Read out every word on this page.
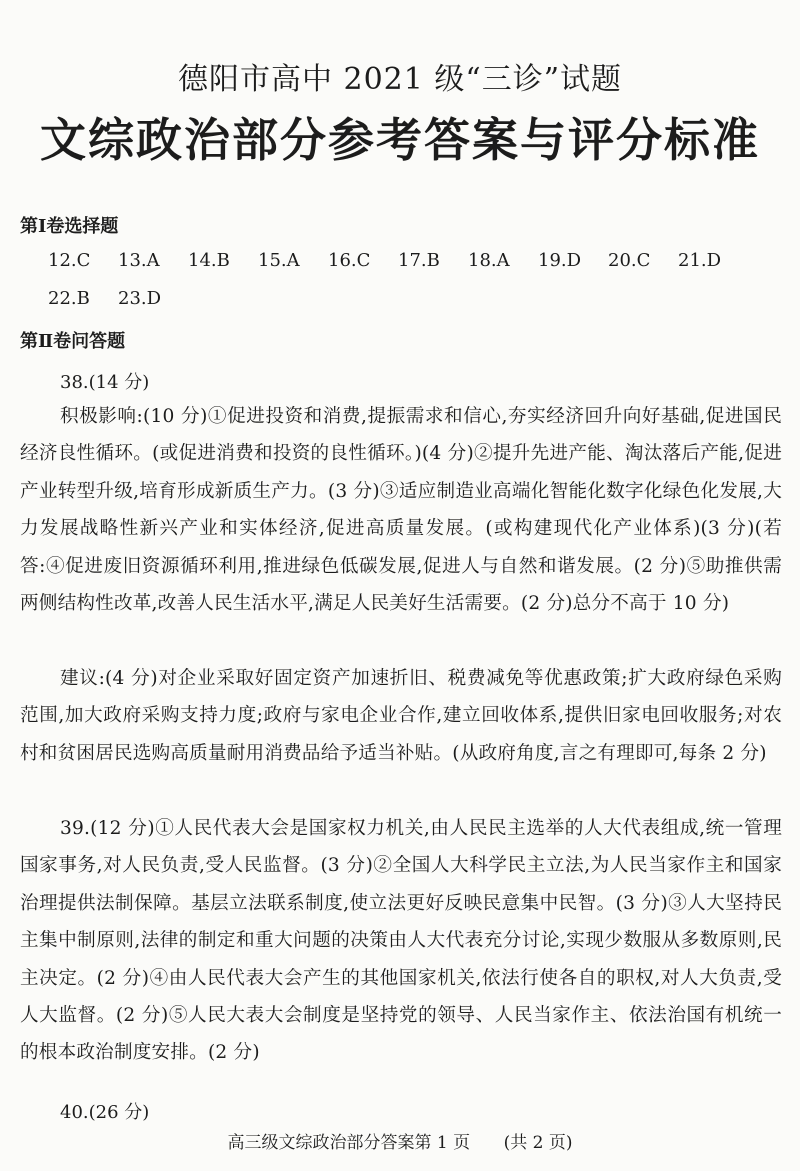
德阳市高中 2021 级“三诊”试题
文综政治部分参考答案与评分标准
第Ⅰ卷选择题
12.C	13.A	14.B	15.A	16.C	17.B	18.A	19.D	20.C	21.D
22.B	23.D
第Ⅱ卷问答题
38.(14 分)
积极影响:(10 分)①促进投资和消费,提振需求和信心,夯实经济回升向好基础,促进国民经济良性循环。(或促进消费和投资的良性循环。)(4 分)②提升先进产能、淘汰落后产能,促进产业转型升级,培育形成新质生产力。(3 分)③适应制造业高端化智能化数字化绿色化发展,大力发展战略性新兴产业和实体经济,促进高质量发展。(或构建现代化产业体系)(3 分)(若答:④促进废旧资源循环利用,推进绿色低碳发展,促进人与自然和谐发展。(2 分)⑤助推供需两侧结构性改革,改善人民生活水平,满足人民美好生活需要。(2 分)总分不高于 10 分)
建议:(4 分)对企业采取好固定资产加速折旧、税费减免等优惠政策;扩大政府绿色采购范围,加大政府采购支持力度;政府与家电企业合作,建立回收体系,提供旧家电回收服务;对农村和贫困居民选购高质量耐用消费品给予适当补贴。(从政府角度,言之有理即可,每条 2 分)
39.(12 分)①人民代表大会是国家权力机关,由人民民主选举的人大代表组成,统一管理国家事务,对人民负责,受人民监督。(3 分)②全国人大科学民主立法,为人民当家作主和国家治理提供法制保障。基层立法联系制度,使立法更好反映民意集中民智。(3 分)③人大坚持民主集中制原则,法律的制定和重大问题的决策由人大代表充分讨论,实现少数服从多数原则,民主决定。(2 分)④由人民代表大会产生的其他国家机关,依法行使各自的职权,对人大负责,受人大监督。(2 分)⑤人民大表大会制度是坚持党的领导、人民当家作主、依法治国有机统一的根本政治制度安排。(2 分)
40.(26 分)
高三级文综政治部分答案第 1 页 (共 2 页)
